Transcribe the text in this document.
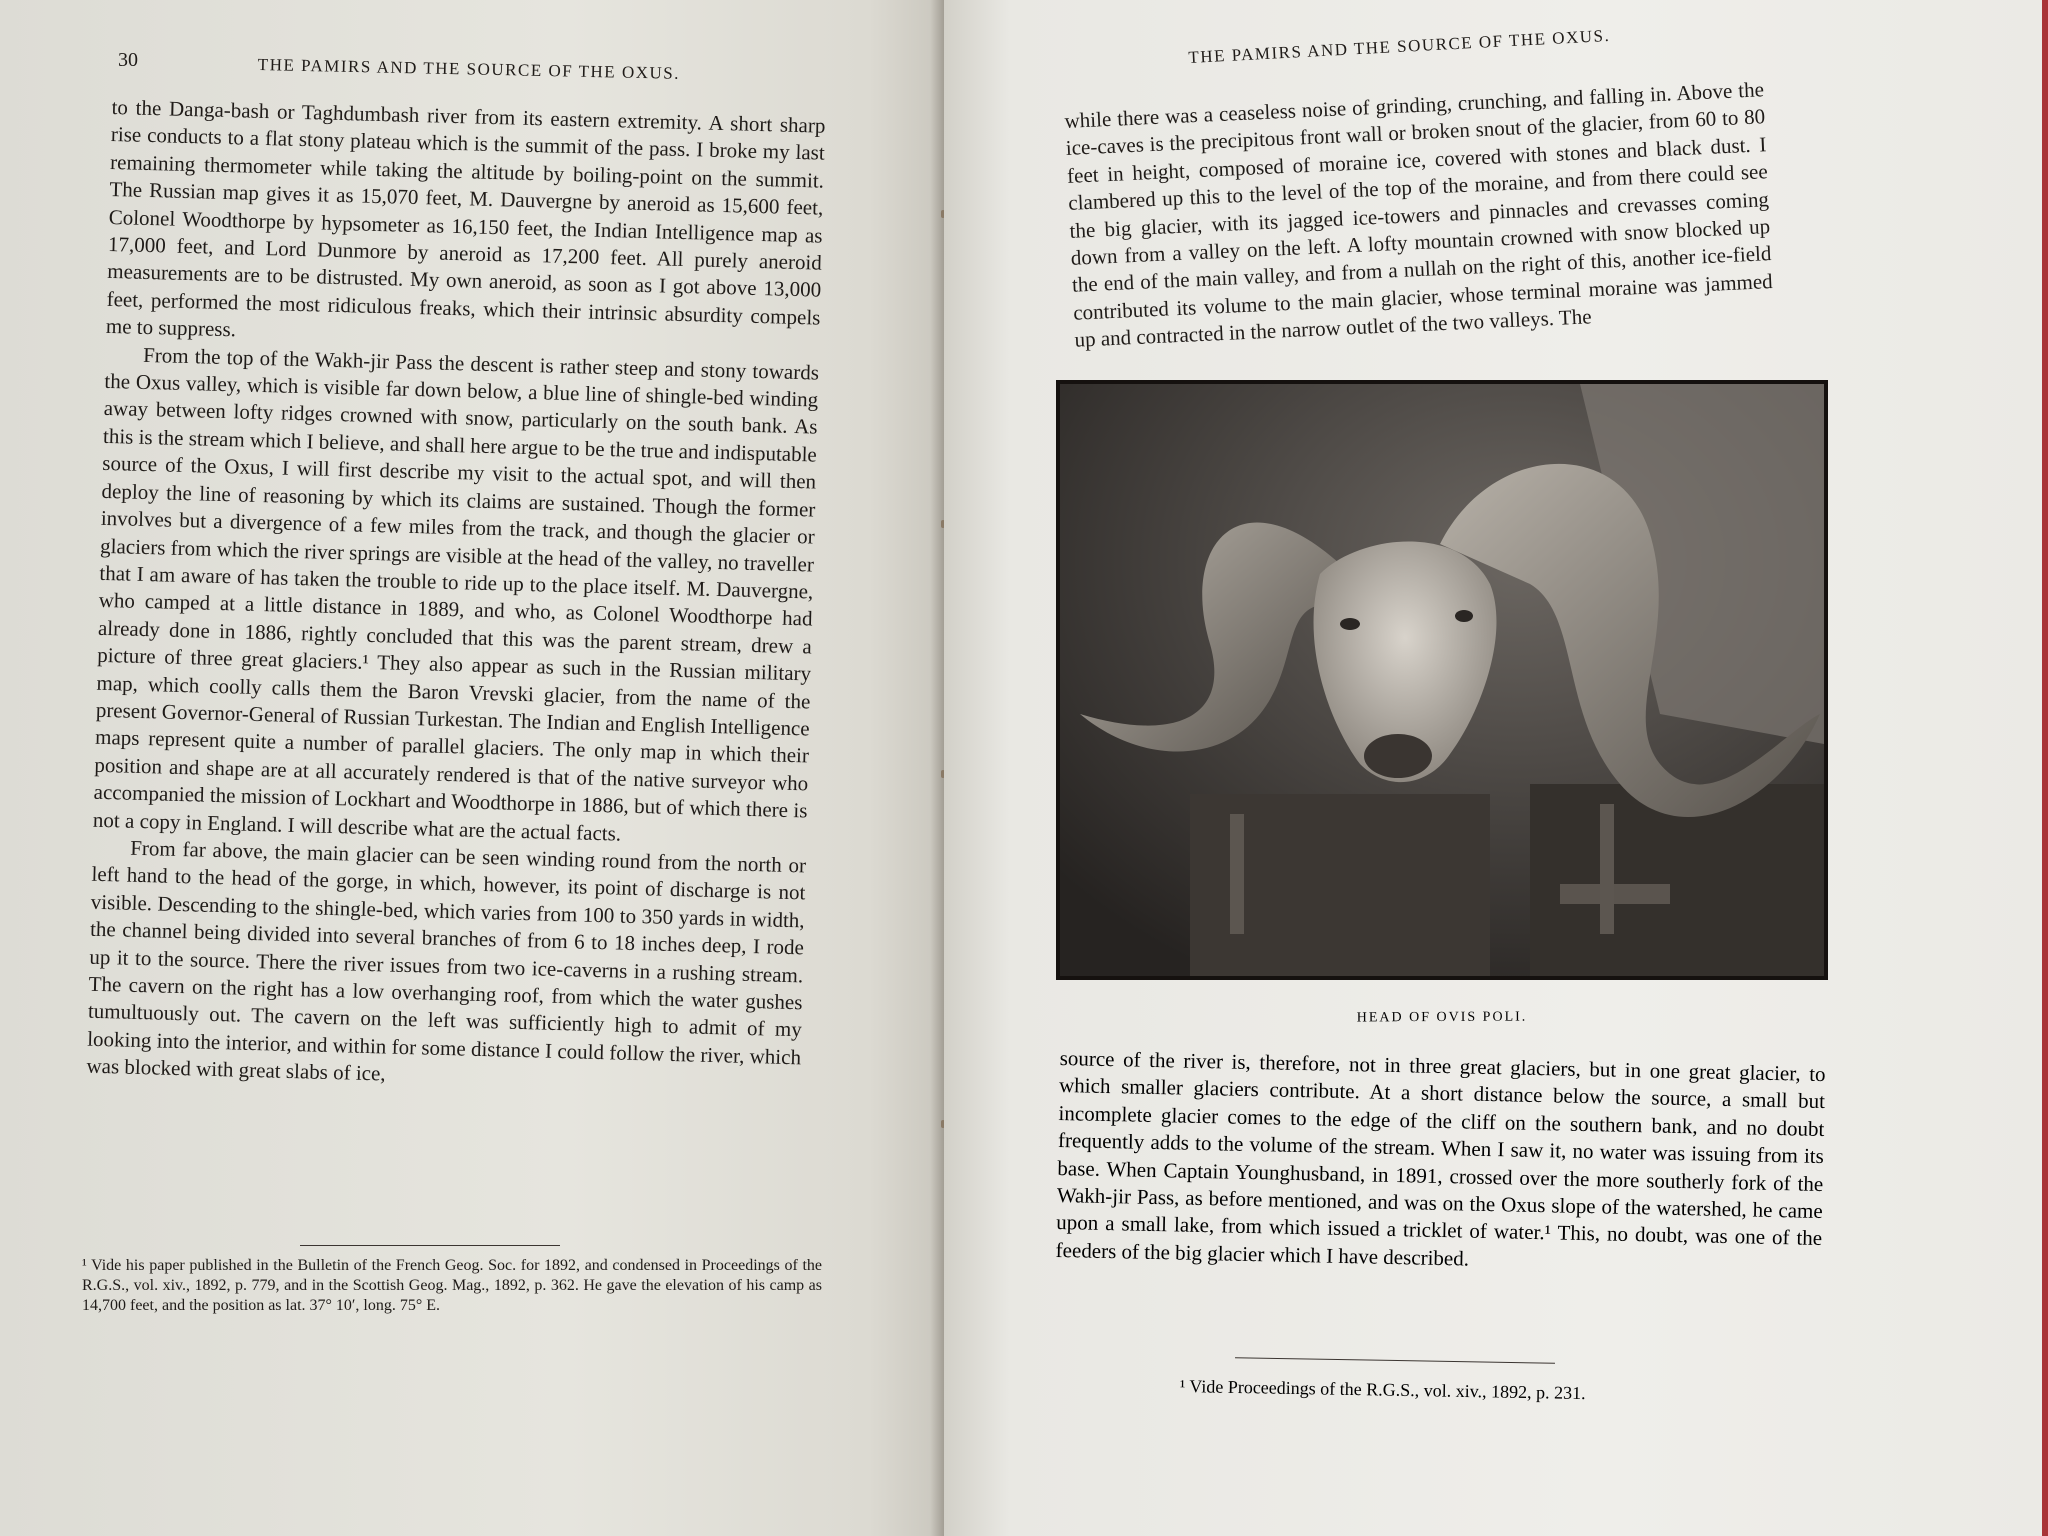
30	THE PAMIRS AND THE SOURCE OF THE OXUS.

to the Danga-bash or Taghdumbash river from its eastern extremity. A short sharp rise conducts to a flat stony plateau which is the summit of the pass. I broke my last remaining thermometer while taking the altitude by boiling-point on the summit. The Russian map gives it as 15,070 feet, M. Dauvergne by aneroid as 15,600 feet, Colonel Woodthorpe by hypsometer as 16,150 feet, the Indian Intelligence map as 17,000 feet, and Lord Dunmore by aneroid as 17,200 feet. All purely aneroid measurements are to be distrusted. My own aneroid, as soon as I got above 13,000 feet, performed the most ridiculous freaks, which their intrinsic absurdity compels me to suppress.

From the top of the Wakh-jir Pass the descent is rather steep and stony towards the Oxus valley, which is visible far down below, a blue line of shingle-bed winding away between lofty ridges crowned with snow, particularly on the south bank. As this is the stream which I believe, and shall here argue to be the true and indisputable source of the Oxus, I will first describe my visit to the actual spot, and will then deploy the line of reasoning by which its claims are sustained. Though the former involves but a divergence of a few miles from the track, and though the glacier or glaciers from which the river springs are visible at the head of the valley, no traveller that I am aware of has taken the trouble to ride up to the place itself. M. Dauvergne, who camped at a little distance in 1889, and who, as Colonel Woodthorpe had already done in 1886, rightly concluded that this was the parent stream, drew a picture of three great glaciers.¹ They also appear as such in the Russian military map, which coolly calls them the Baron Vrevski glacier, from the name of the present Governor-General of Russian Turkestan. The Indian and English Intelligence maps represent quite a number of parallel glaciers. The only map in which their position and shape are at all accurately rendered is that of the native surveyor who accompanied the mission of Lockhart and Woodthorpe in 1886, but of which there is not a copy in England. I will describe what are the actual facts.

From far above, the main glacier can be seen winding round from the north or left hand to the head of the gorge, in which, however, its point of discharge is not visible. Descending to the shingle-bed, which varies from 100 to 350 yards in width, the channel being divided into several branches of from 6 to 18 inches deep, I rode up it to the source. There the river issues from two ice-caverns in a rushing stream. The cavern on the right has a low overhanging roof, from which the water gushes tumultuously out. The cavern on the left was sufficiently high to admit of my looking into the interior, and within for some distance I could follow the river, which was blocked with great slabs of ice,

¹ Vide his paper published in the Bulletin of the French Geog. Soc. for 1892, and condensed in Proceedings of the R.G.S., vol. xiv., 1892, p. 779, and in the Scottish Geog. Mag., 1892, p. 362. He gave the elevation of his camp as 14,700 feet, and the position as lat. 37° 10′, long. 75° E.
THE PAMIRS AND THE SOURCE OF THE OXUS.

while there was a ceaseless noise of grinding, crunching, and falling in. Above the ice-caves is the precipitous front wall or broken snout of the glacier, from 60 to 80 feet in height, composed of moraine ice, covered with stones and black dust. I clambered up this to the level of the top of the moraine, and from there could see the big glacier, with its jagged ice-towers and pinnacles and crevasses coming down from a valley on the left. A lofty mountain crowned with snow blocked up the end of the main valley, and from a nullah on the right of this, another ice-field contributed its volume to the main glacier, whose terminal moraine was jammed up and contracted in the narrow outlet of the two valleys. The

HEAD OF OVIS POLI.

source of the river is, therefore, not in three great glaciers, but in one great glacier, to which smaller glaciers contribute. At a short distance below the source, a small but incomplete glacier comes to the edge of the cliff on the southern bank, and no doubt frequently adds to the volume of the stream. When I saw it, no water was issuing from its base. When Captain Younghusband, in 1891, crossed over the more southerly fork of the Wakh-jir Pass, as before mentioned, and was on the Oxus slope of the watershed, he came upon a small lake, from which issued a tricklet of water.¹ This, no doubt, was one of the feeders of the big glacier which I have described.

¹ Vide Proceedings of the R.G.S., vol. xiv., 1892, p. 231.
